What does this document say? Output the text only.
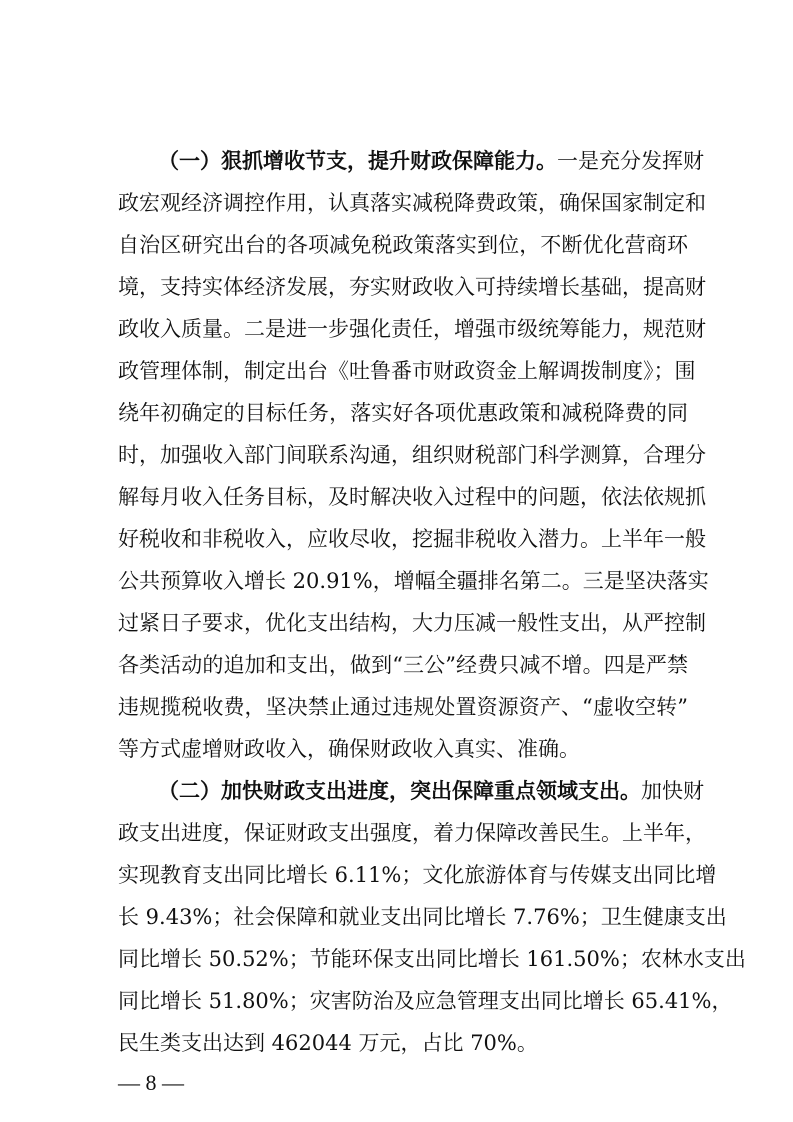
（一）狠抓增收节支，提升财政保障能力。一是充分发挥财
政宏观经济调控作用，认真落实减税降费政策，确保国家制定和
自治区研究出台的各项减免税政策落实到位，不断优化营商环
境，支持实体经济发展，夯实财政收入可持续增长基础，提高财
政收入质量。二是进一步强化责任，增强市级统筹能力，规范财
政管理体制，制定出台《吐鲁番市财政资金上解调拨制度》；围
绕年初确定的目标任务，落实好各项优惠政策和减税降费的同
时，加强收入部门间联系沟通，组织财税部门科学测算，合理分
解每月收入任务目标，及时解决收入过程中的问题，依法依规抓
好税收和非税收入，应收尽收，挖掘非税收入潜力。上半年一般
公共预算收入增长 20.91%，增幅全疆排名第二。三是坚决落实
过紧日子要求，优化支出结构，大力压减一般性支出，从严控制
各类活动的追加和支出，做到“三公”经费只减不增。四是严禁
违规揽税收费，坚决禁止通过违规处置资源资产、“虚收空转”
等方式虚增财政收入，确保财政收入真实、准确。
（二）加快财政支出进度，突出保障重点领域支出。加快财
政支出进度，保证财政支出强度，着力保障改善民生。上半年，
实现教育支出同比增长 6.11%；文化旅游体育与传媒支出同比增
长 9.43%；社会保障和就业支出同比增长 7.76%；卫生健康支出
同比增长 50.52%；节能环保支出同比增长 161.50%；农林水支出
同比增长 51.80%；灾害防治及应急管理支出同比增长 65.41%，
民生类支出达到 462044 万元，占比 70%。
— 8 —
